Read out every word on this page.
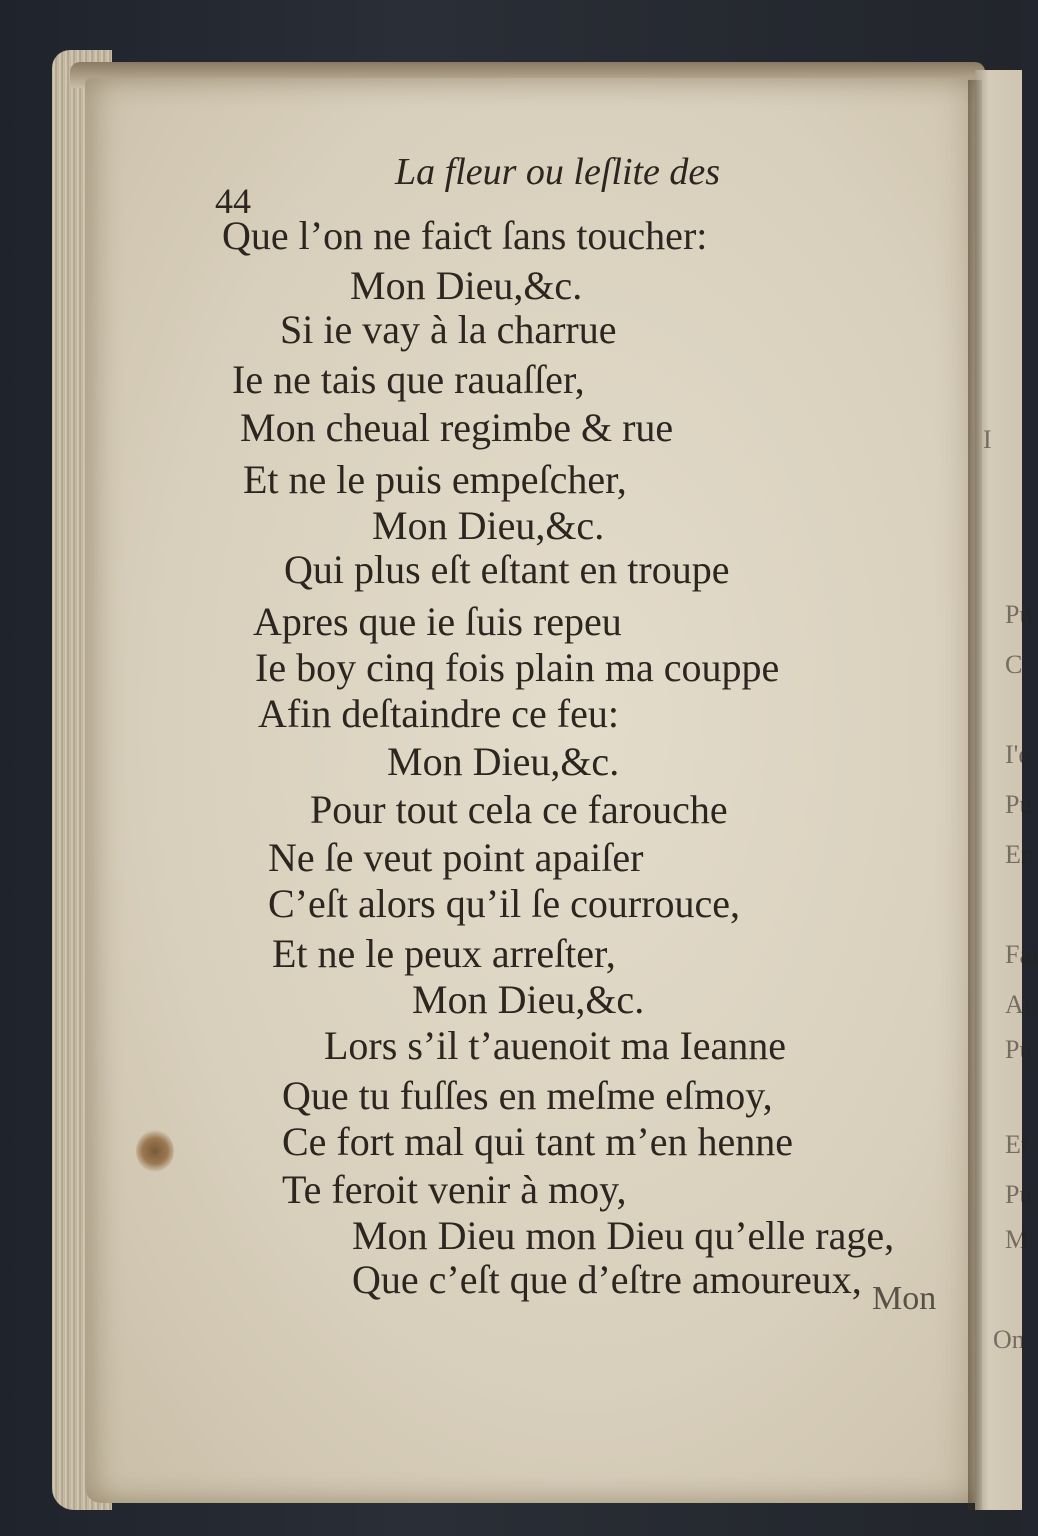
I
Pu
C
I'e
Pu
En
Fai
Au
Pu
Et
Pu
M
On
La fleur ou leſlite des
44
Que l’on ne faiƈt ſans toucher:
Mon Dieu,&c.
Si ie vay à la charrue
Ie ne tais que rauaſſer,
Mon cheual regimbe & rue
Et ne le puis empeſcher,
Mon Dieu,&c.
Qui plus eſt eſtant en troupe
Apres que ie ſuis repeu
Ie boy cinq fois plain ma couppe
Afin deſtaindre ce feu:
Mon Dieu,&c.
Pour tout cela ce farouche
Ne ſe veut point apaiſer
C’eſt alors qu’il ſe courrouce,
Et ne le peux arreſter,
Mon Dieu,&c.
Lors s’il t’auenoit ma Ieanne
Que tu fuſſes en meſme eſmoy,
Ce fort mal qui tant m’en henne
Te feroit venir à moy,
Mon Dieu mon Dieu qu’elle rage,
Que c’eſt que d’eſtre amoureux, Mon
